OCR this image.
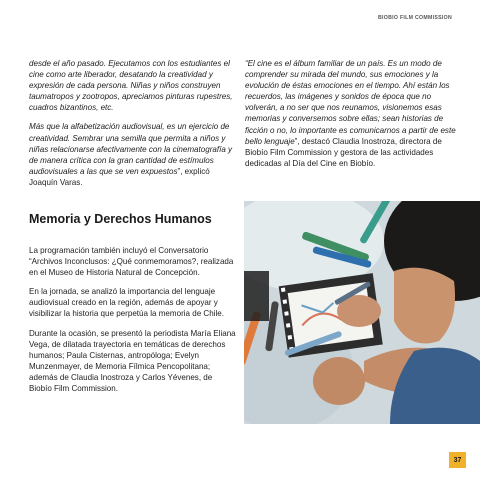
BIOBIO FILM COMMISSION

desde el año pasado. Ejecutamos con los estudiantes el cine como arte liberador, desatando la creatividad y expresión de cada persona. Niñas y niños construyen taumatropos y zootropos, apreciamos pinturas rupestres, cuadros bizantinos, etc.

Más que la alfabetización audiovisual, es un ejercicio de creatividad. Sembrar una semilla que permita a niños y niñas relacionarse afectivamente con la cinematografía y de manera crítica con la gran cantidad de estímulos audiovisuales a las que se ven expuestos”, explicó Joaquín Varas.

“El cine es el álbum familiar de un país. Es un modo de comprender su mirada del mundo, sus emociones y la evolución de éstas emociones en el tiempo. Ahí están los recuerdos, las imágenes y sonidos de época que no volverán, a no ser que nos reunamos, visionemos esas memorias y conversemos sobre ellas; sean historias de ficción o no, lo importante es comunicarnos a partir de este bello lenguaje”, destacó Claudia Inostroza, directora de Biobío Film Commission y gestora de las actividades dedicadas al Día del Cine en Biobío.

Memoria y Derechos Humanos

La programación también incluyó el Conversatorio “Archivos Inconclusos: ¿Qué conmemoramos?, realizada en el Museo de Historia Natural de Concepción.

En la jornada, se analizó la importancia del lenguaje audiovisual creado en la región, además de apoyar y visibilizar la historia que perpetúa la memoria de Chile.

Durante la ocasión, se presentó la periodista María Eliana Vega, de dilatada trayectoria en temáticas de derechos humanos; Paula Cisternas, antropóloga; Evelyn Munzenmayer, de Memoria Fílmica Pencopolitana; además de Claudia Inostroza y Carlos Yévenes, de Biobío Film Commission.

37
